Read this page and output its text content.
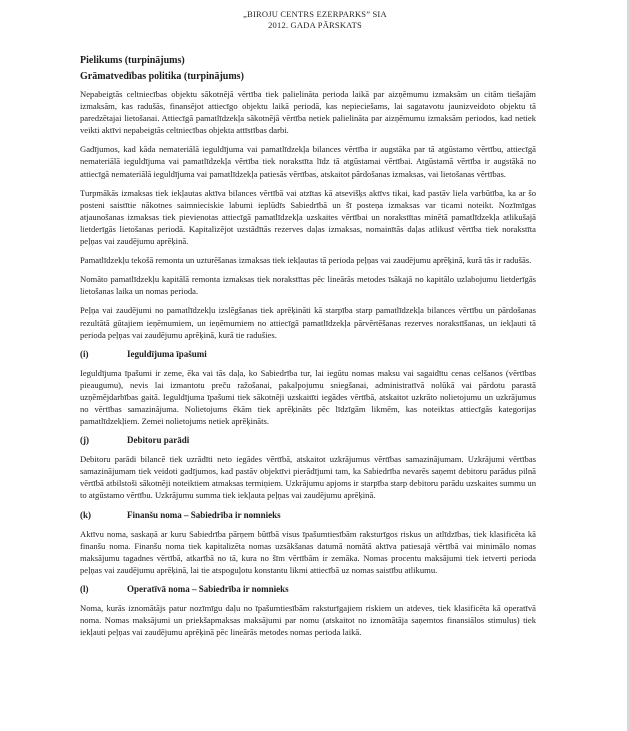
„BIROJU CENTRS EZERPARKS” SIA
2012. GADA PĀRSKATS
Pielikums (turpinājums)
Grāmatvedības politika (turpinājums)

Nepabeigtās celtniecības objektu sākotnējā vērtība tiek palielināta perioda laikā par aizņēmumu izmaksām un citām tiešajām izmaksām, kas radušās, finansējot attiecīgo objektu laikā periodā, kas nepieciešams, lai sagatavotu jaunizveidoto objektu tā paredzētajai lietošanai. Attiecīgā pamatlīdzekļa sākotnējā vērtība netiek palielināta par aizņēmumu izmaksām periodos, kad netiek veikti aktīvi nepabeigtās celtniecības objekta attīstības darbi.

Gadījumos, kad kāda nemateriālā ieguldījuma vai pamatlīdzekļa bilances vērtība ir augstāka par tā atgūstamo vērtību, attiecīgā nemateriālā ieguldījuma vai pamatlīdzekļa vērtība tiek norakstīta līdz tā atgūstamai vērtībai. Atgūstamā vērtība ir augstākā no attiecīgā nemateriālā ieguldījuma vai pamatlīdzekļa patiesās vērtības, atskaitot pārdošanas izmaksas, vai lietošanas vērtības.

Turpmākās izmaksas tiek iekļautas aktīva bilances vērtībā vai atzītas kā atsevišķs aktīvs tikai, kad pastāv liela varbūtība, ka ar šo posteni saistītie nākotnes saimnieciskie labumi ieplūdīs Sabiedrībā un šī posteņa izmaksas var ticami noteikt. Nozīmīgas atjaunošanas izmaksas tiek pievienotas attiecīgā pamatlīdzekļa uzskaites vērtībai un norakstītas minētā pamatlīdzekļa atlikušajā lietderīgās lietošanas periodā. Kapitalizējot uzstādītās rezerves daļas izmaksas, nomainītās daļas atlikusī vērtība tiek norakstīta peļņas vai zaudējumu aprēķinā.

Pamatlīdzekļu tekošā remonta un uzturēšanas izmaksas tiek iekļautas tā perioda peļņas vai zaudējumu aprēķinā, kurā tās ir radušās.

Nomāto pamatlīdzekļu kapitālā remonta izmaksas tiek norakstītas pēc lineārās metodes īsākajā no kapitālo uzlabojumu lietderīgās lietošanas laika un nomas perioda.

Peļņa vai zaudējumi no pamatlīdzekļu izslēgšanas tiek aprēķināti kā starpība starp pamatlīdzekļa bilances vērtību un pārdošanas rezultātā gūtajiem ieņēmumiem, un ieņēmumiem no attiecīgā pamatlīdzekļa pārvērtēšanas rezerves norakstīšanas, un iekļauti tā perioda peļņas vai zaudējumu aprēķinā, kurā tie radušies.

(i)	Ieguldījuma īpašumi

Ieguldījuma īpašumi ir zeme, ēka vai tās daļa, ko Sabiedrība tur, lai iegūtu nomas maksu vai sagaidītu cenas celšanos (vērtības pieaugumu), nevis lai izmantotu preču ražošanai, pakalpojumu sniegšanai, administratīvā nolūkā vai pārdotu parastā uzņēmējdarbības gaitā. Ieguldījuma īpašumi tiek sākotnēji uzskaitīti iegādes vērtībā, atskaitot uzkrāto nolietojumu un uzkrājumus no vērtības samazinājuma. Nolietojums ēkām tiek aprēķināts pēc līdzīgām likmēm, kas noteiktas attiecīgās kategorijas pamatlīdzekļiem. Zemei nolietojums netiek aprēķināts.

(j)	Debitoru parādi

Debitoru parādi bilancē tiek uzrādīti neto iegādes vērtībā, atskaitot uzkrājumus vērtības samazinājumam. Uzkrājumi vērtības samazinājumam tiek veidoti gadījumos, kad pastāv objektīvi pierādījumi tam, ka Sabiedrība nevarēs saņemt debitoru parādus pilnā vērtībā atbilstoši sākotnēji noteiktiem atmaksas termiņiem. Uzkrājumu apjoms ir starpība starp debitoru parādu uzskaites summu un to atgūstamo vērtību. Uzkrājumu summa tiek iekļauta peļņas vai zaudējumu aprēķinā.

(k)	Finanšu noma – Sabiedrība ir nomnieks

Aktīvu noma, saskaņā ar kuru Sabiedrība pārņem būtībā visus īpašumtiesībām raksturīgos riskus un atlīdzības, tiek klasificēta kā finanšu noma. Finanšu noma tiek kapitalizēta nomas uzsākšanas datumā nomātā aktīva patiesajā vērtībā vai minimālo nomas maksājumu tagadnes vērtībā, atkarībā no tā, kura no šīm vērtībām ir zemāka. Nomas procentu maksājumi tiek ietverti perioda peļņas vai zaudējumu aprēķinā, lai tie atspoguļotu konstantu likmi attiecībā uz nomas saistību atlikumu.

(l)	Operatīvā noma – Sabiedrība ir nomnieks

Noma, kurās iznomātājs patur nozīmīgu daļu no īpašumtiesībām raksturīgajiem riskiem un atdeves, tiek klasificēta kā operatīvā noma. Nomas maksājumi un priekšapmaksas maksājumi par nomu (atskaitot no iznomātāja saņemtos finansiālos stimulus) tiek iekļauti peļņas vai zaudējumu aprēķinā pēc lineārās metodes nomas perioda laikā.
